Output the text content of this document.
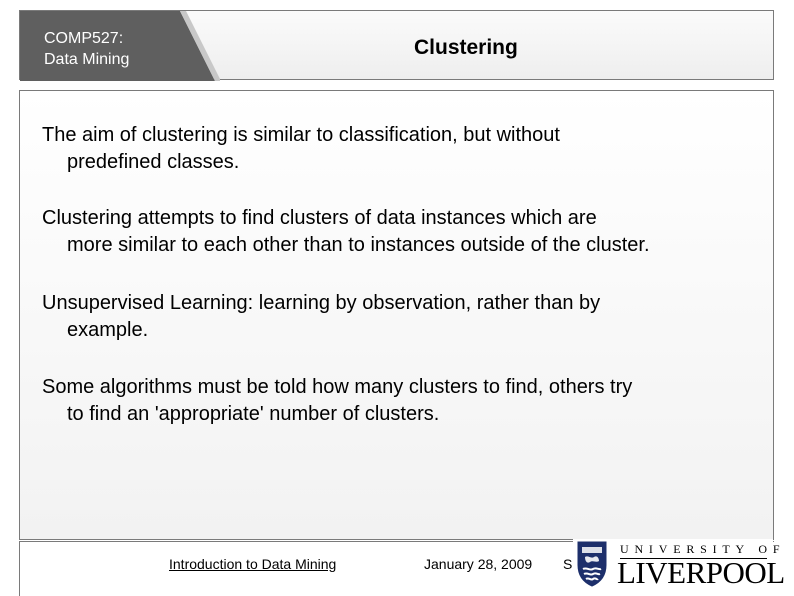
COMP527:
Data Mining
Clustering

The aim of clustering is similar to classification, but without
predefined classes.

Clustering attempts to find clusters of data instances which are
more similar to each other than to instances outside of the cluster.

Unsupervised Learning: learning by observation, rather than by
example.

Some algorithms must be told how many clusters to find, others try
to find an 'appropriate' number of clusters.

Introduction to Data Mining	January 28, 2009 S
UNIVERSITY OF
LIVERPOOL
